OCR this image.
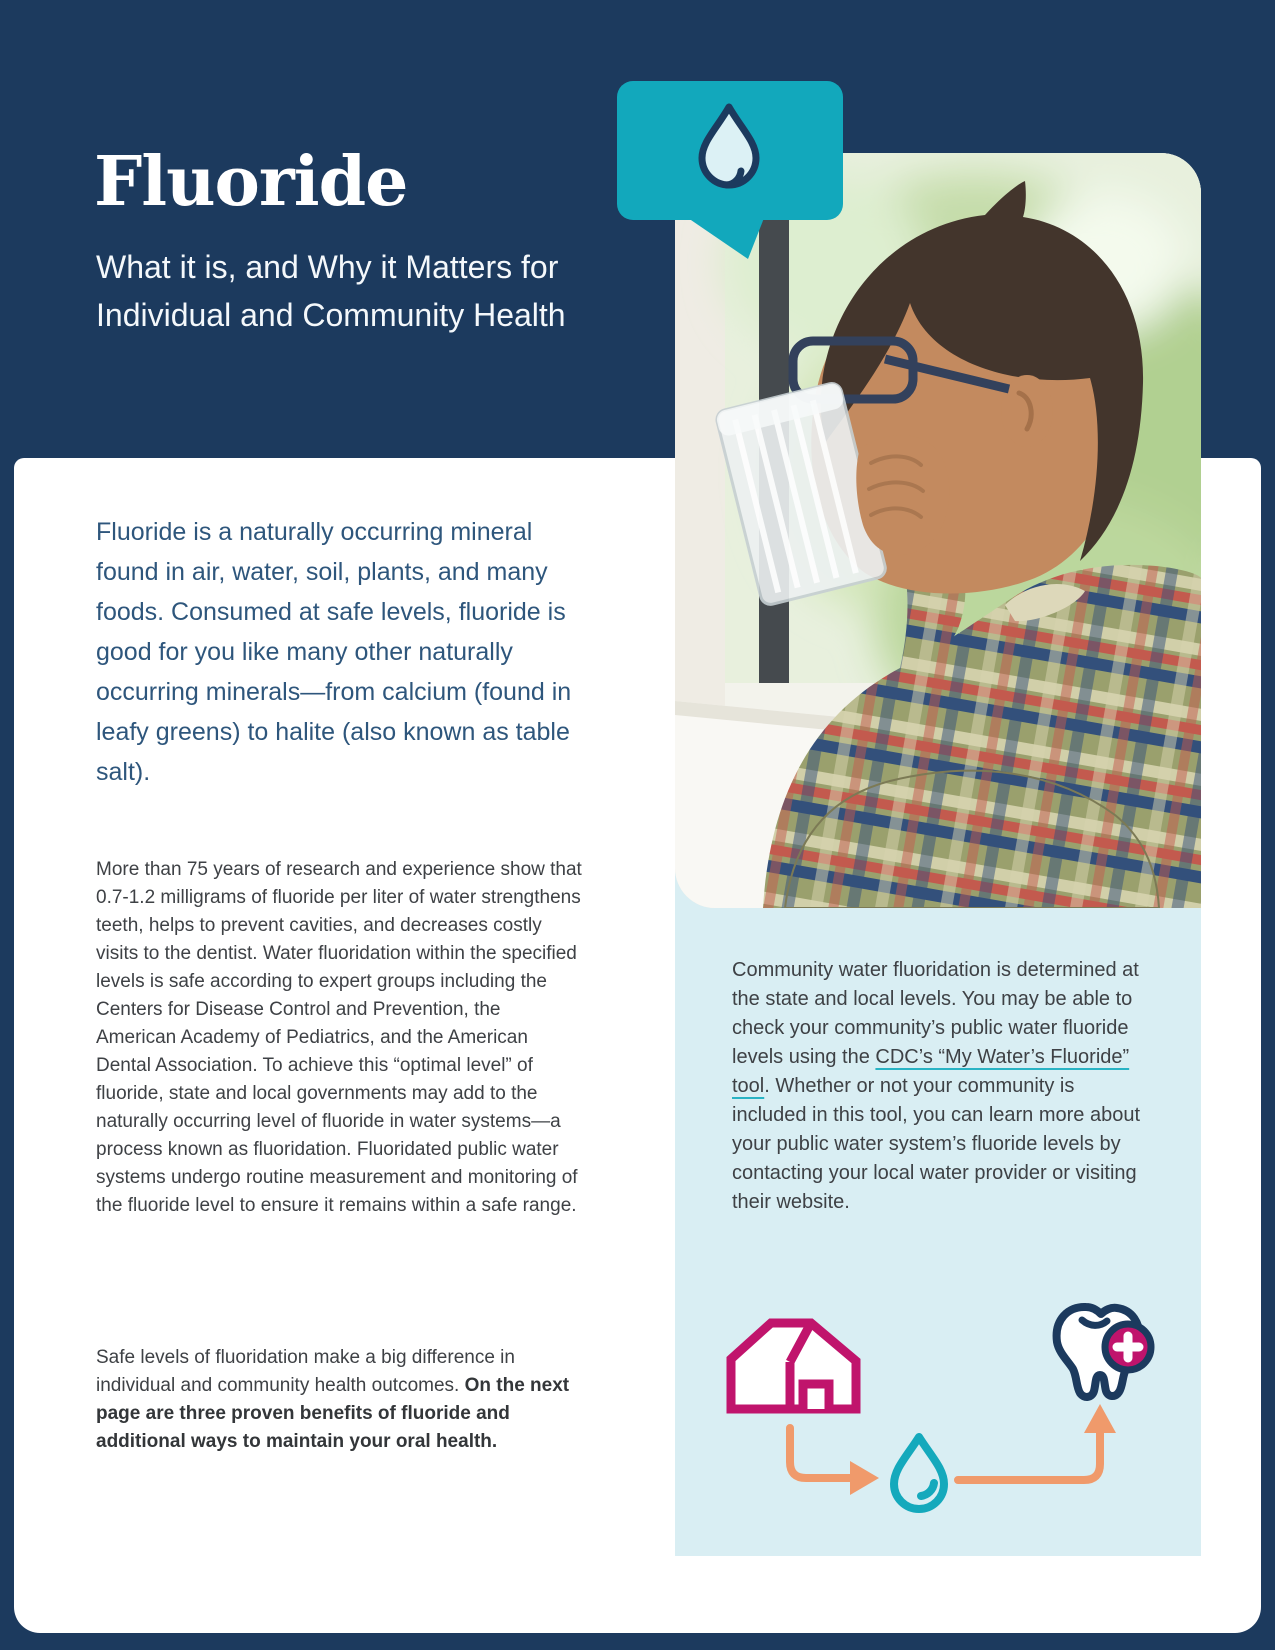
Fluoride
What it is, and Why it Matters for Individual and Community Health
Fluoride is a naturally occurring mineral found in air, water, soil, plants, and many foods. Consumed at safe levels, fluoride is good for you like many other naturally occurring minerals—from calcium (found in leafy greens) to halite (also known as table salt).
More than 75 years of research and experience show that 0.7-1.2 milligrams of fluoride per liter of water strengthens teeth, helps to prevent cavities, and decreases costly visits to the dentist. Water fluoridation within the specified levels is safe according to expert groups including the Centers for Disease Control and Prevention, the American Academy of Pediatrics, and the American Dental Association. To achieve this “optimal level” of fluoride, state and local governments may add to the naturally occurring level of fluoride in water systems—a process known as fluoridation. Fluoridated public water systems undergo routine measurement and monitoring of the fluoride level to ensure it remains within a safe range.
Safe levels of fluoridation make a big difference in individual and community health outcomes. On the next page are three proven benefits of fluoride and additional ways to maintain your oral health.
Community water fluoridation is determined at the state and local levels. You may be able to check your community’s public water fluoride levels using the CDC’s “My Water’s Fluoride” tool. Whether or not your community is included in this tool, you can learn more about your public water system’s fluoride levels by contacting your local water provider or visiting their website.
